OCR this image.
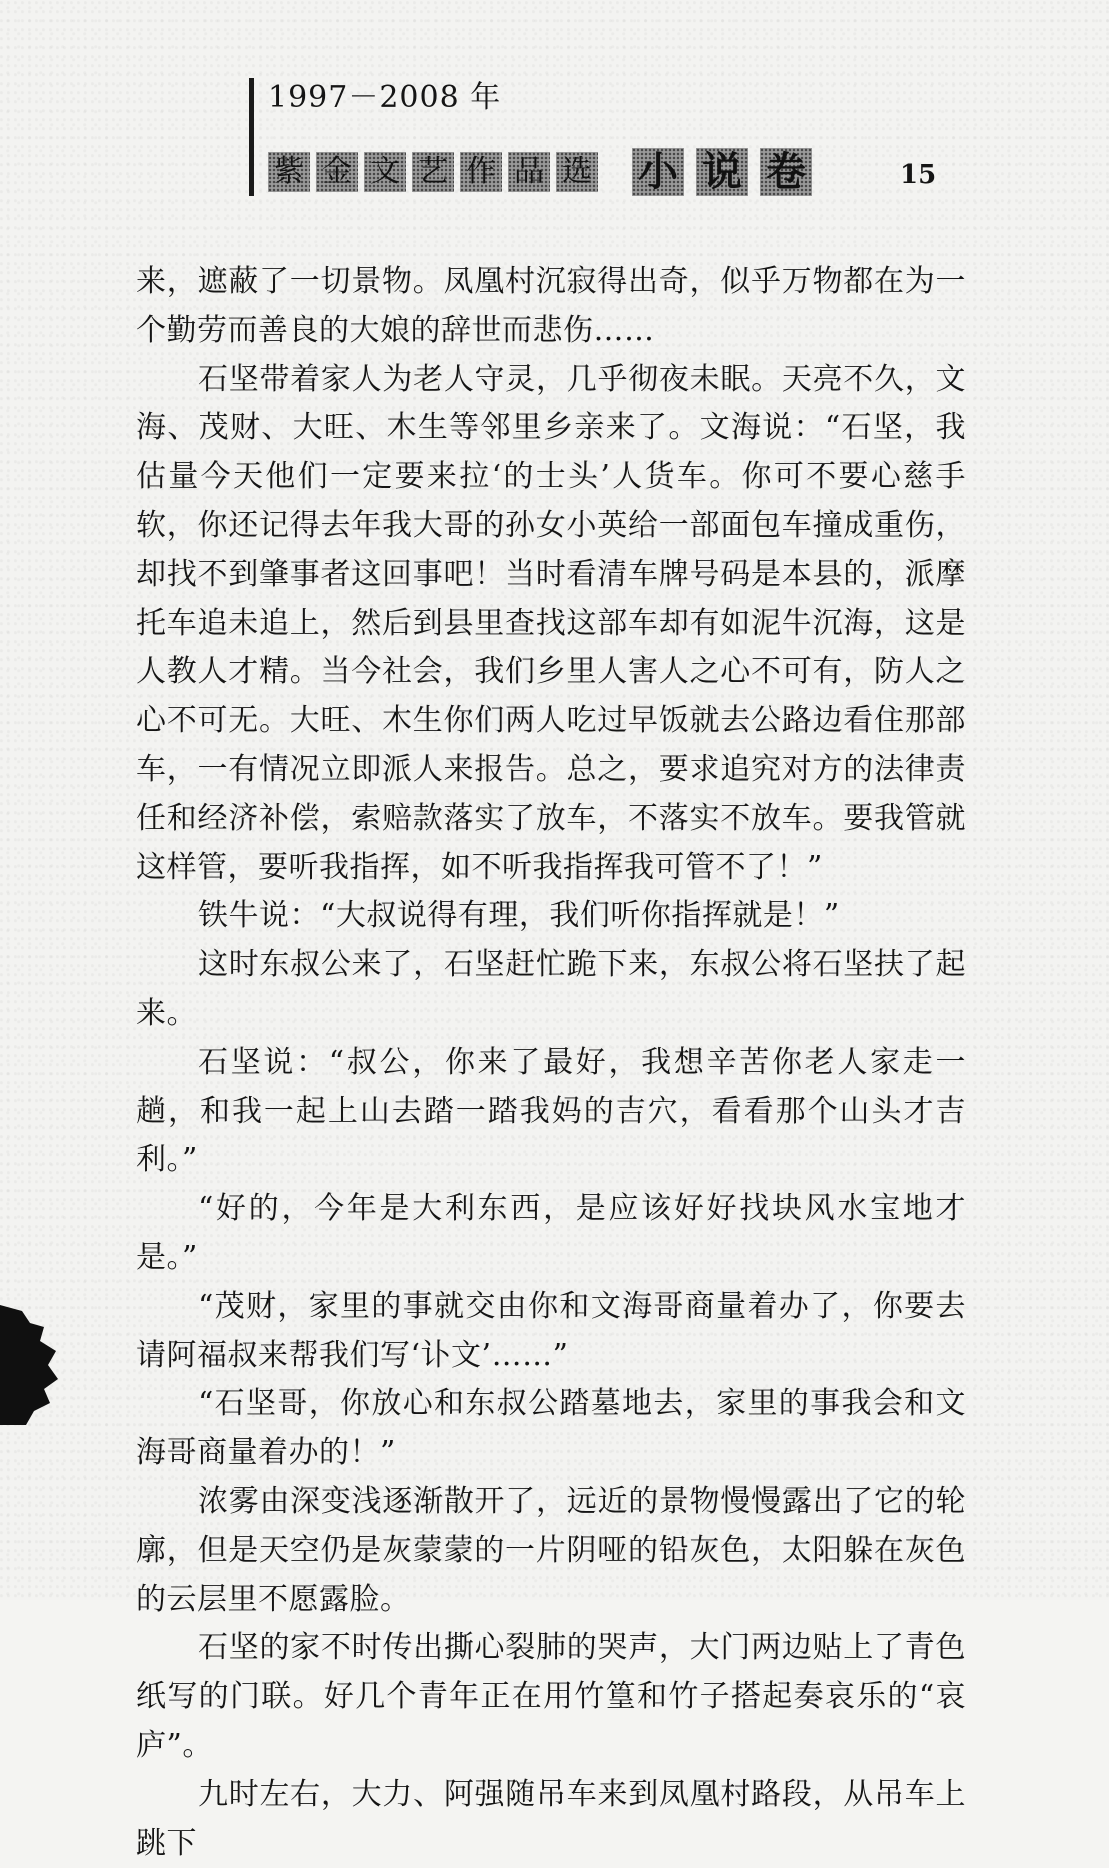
1997－2008 年
紫 金 文 艺 作 品 选 小 说 卷	15

来，遮蔽了一切景物。凤凰村沉寂得出奇，似乎万物都在为一个勤劳而善良的大娘的辞世而悲伤……

石坚带着家人为老人守灵，几乎彻夜未眠。天亮不久，文海、茂财、大旺、木生等邻里乡亲来了。文海说：“石坚，我估量今天他们一定要来拉‘的士头’人货车。你可不要心慈手软，你还记得去年我大哥的孙女小英给一部面包车撞成重伤，却找不到肇事者这回事吧！当时看清车牌号码是本县的，派摩托车追未追上，然后到县里查找这部车却有如泥牛沉海，这是人教人才精。当今社会，我们乡里人害人之心不可有，防人之心不可无。大旺、木生你们两人吃过早饭就去公路边看住那部车，一有情况立即派人来报告。总之，要求追究对方的法律责任和经济补偿，索赔款落实了放车，不落实不放车。要我管就这样管，要听我指挥，如不听我指挥我可管不了！”

铁牛说：“大叔说得有理，我们听你指挥就是！”

这时东叔公来了，石坚赶忙跪下来，东叔公将石坚扶了起来。

石坚说：“叔公，你来了最好，我想辛苦你老人家走一趟，和我一起上山去踏一踏我妈的吉穴，看看那个山头才吉利。”

“好的，今年是大利东西，是应该好好找块风水宝地才是。”

“茂财，家里的事就交由你和文海哥商量着办了，你要去请阿福叔来帮我们写‘讣文’……”

“石坚哥，你放心和东叔公踏墓地去，家里的事我会和文海哥商量着办的！”

浓雾由深变浅逐渐散开了，远近的景物慢慢露出了它的轮廓，但是天空仍是灰蒙蒙的一片阴哑的铅灰色，太阳躲在灰色的云层里不愿露脸。

石坚的家不时传出撕心裂肺的哭声，大门两边贴上了青色纸写的门联。好几个青年正在用竹篁和竹子搭起奏哀乐的“哀庐”。

九时左右，大力、阿强随吊车来到凤凰村路段，从吊车上跳下
